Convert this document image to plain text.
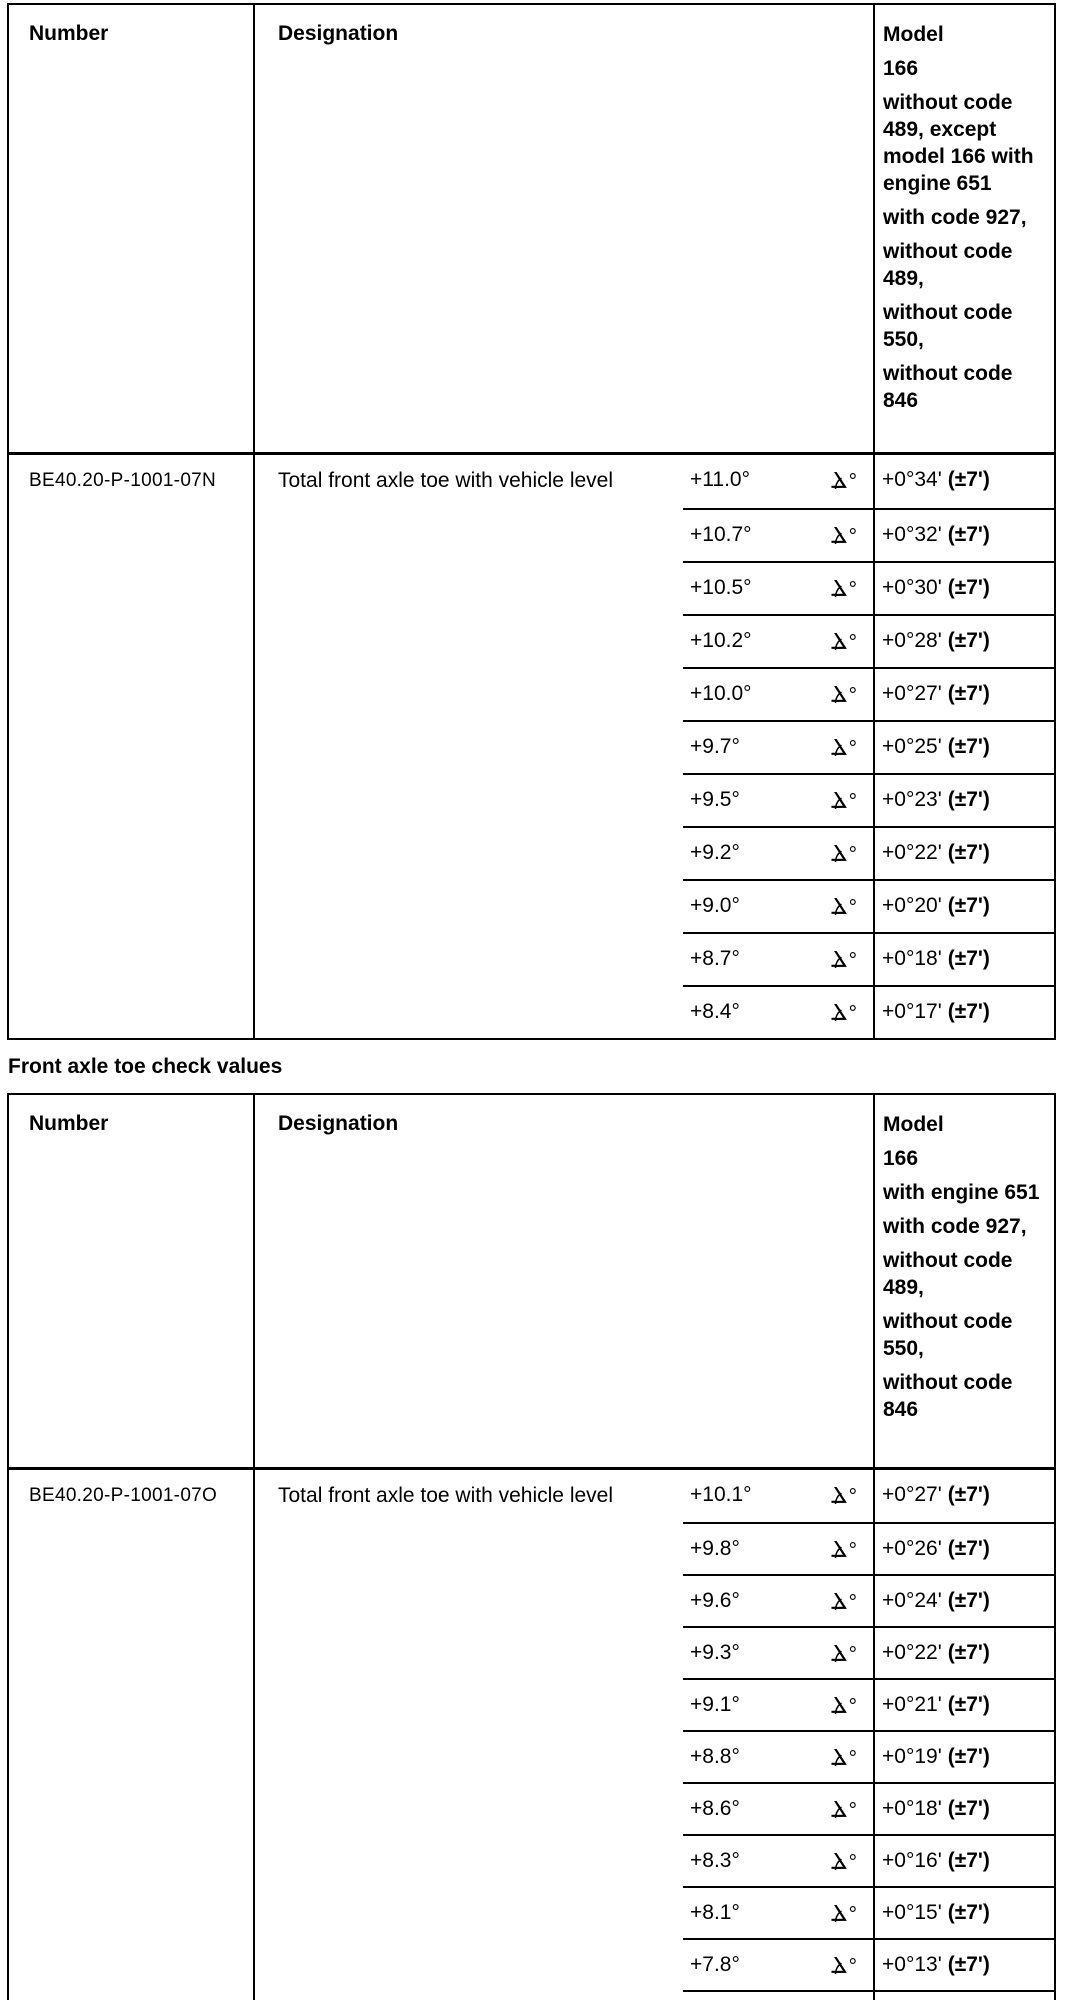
Number	Designation	Model
166
without code 489, except model 166 with engine 651
with code 927,
without code 489,
without code 550,
without code 846
BE40.20-P-1001-07N	Total front axle toe with vehicle level	+11.0°	∡°	+0°34' (±7')
+10.7°	∡°	+0°32' (±7')
+10.5°	∡°	+0°30' (±7')
+10.2°	∡°	+0°28' (±7')
+10.0°	∡°	+0°27' (±7')
+9.7°	∡°	+0°25' (±7')
+9.5°	∡°	+0°23' (±7')
+9.2°	∡°	+0°22' (±7')
+9.0°	∡°	+0°20' (±7')
+8.7°	∡°	+0°18' (±7')
+8.4°	∡°	+0°17' (±7')
Front axle toe check values
Number	Designation	Model
166
with engine 651
with code 927,
without code 489,
without code 550,
without code 846
BE40.20-P-1001-07O	Total front axle toe with vehicle level	+10.1°	∡°	+0°27' (±7')
+9.8°	∡°	+0°26' (±7')
+9.6°	∡°	+0°24' (±7')
+9.3°	∡°	+0°22' (±7')
+9.1°	∡°	+0°21' (±7')
+8.8°	∡°	+0°19' (±7')
+8.6°	∡°	+0°18' (±7')
+8.3°	∡°	+0°16' (±7')
+8.1°	∡°	+0°15' (±7')
+7.8°	∡°	+0°13' (±7')
